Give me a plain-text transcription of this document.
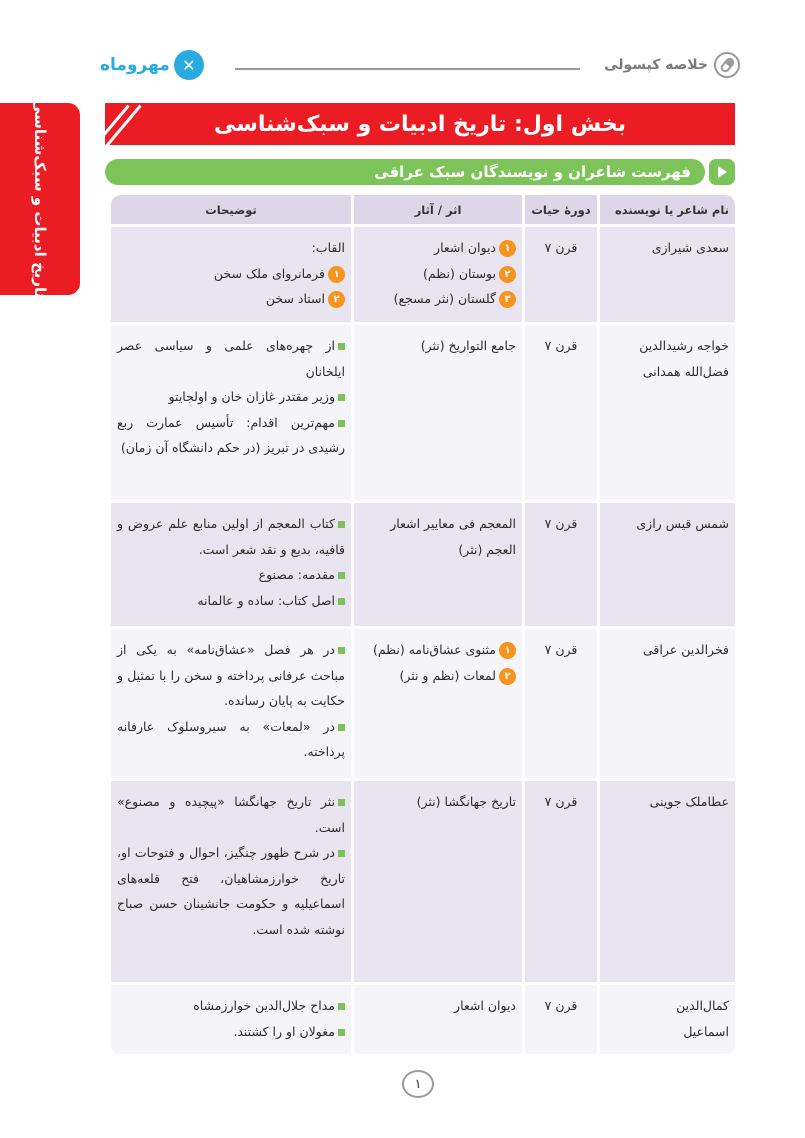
مهروماه ✕	خلاصه کپسولی
تاریخ ادبیات و سبک‌شناسی	بخش اول: تاریخ ادبیات و سبک‌شناسی
فهرست شاعران و نویسندگان سبک عراقی
نام شاعر یا نویسنده	دورهٔ حیات	اثر / آثار	توضیحات

سعدی شیرازی	قرن ۷	۱دیوان اشعار
۲بوستان (نظم)
۳گلستان (نثر مسجع)	القاب:
۱فرمانروای ملک سخن
۲استاد سخن

خواجه رشیدالدین
فضل‌الله همدانی	قرن ۷	جامع التواریخ (نثر)	از چهره‌های علمی و سیاسی عصر ایلخانان
وزیر مقتدر غازان خان و اولجایتو
مهم‌ترین اقدام: تأسیس عمارت ربع رشیدی در تبریز (در حکم دانشگاه آن زمان)

شمس قیس رازی	قرن ۷	المعجم فی معاییر اشعار العجم (نثر)	کتاب المعجم از اولین منابع علم عروض و قافیه، بدیع و نقد شعر است.
مقدمه: مصنوع
اصل کتاب: ساده و عالمانه

فخرالدین عراقی	قرن ۷	۱مثنوی عشاق‌نامه (نظم)
۲لمعات (نظم و نثر)	در هر فصل «عشاق‌نامه» به یکی از مباحث عرفانی پرداخته و سخن را با تمثیل و حکایت به پایان رسانده.
در «لمعات» به سیروسلوک عارفانه پرداخته.

عطاملک جوینی	قرن ۷	تاریخ جهانگشا (نثر)	نثر تاریخ جهانگشا «پیچیده و مصنوع» است.
در شرح ظهور چنگیز، احوال و فتوحات او، تاریخ خوارزمشاهیان، فتح قلعه‌های اسماعیلیه و حکومت جانشینان حسن صباح نوشته شده است.

کمال‌الدین
اسماعیل	قرن ۷	دیوان اشعار	مداح جلال‌الدین خوارزمشاه
مغولان او را کشتند.
۱
